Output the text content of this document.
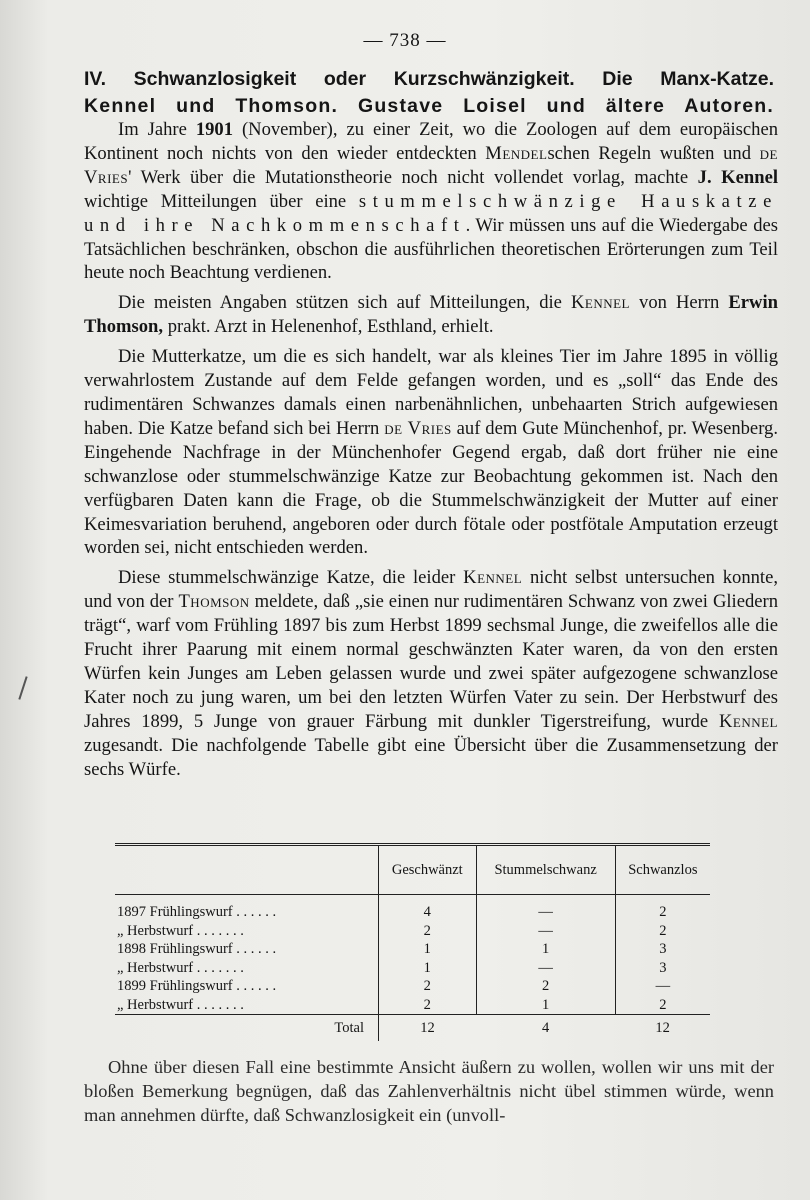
— 738 —
IV. Schwanzlosigkeit oder Kurzschwänzigkeit. Die Manx-Katze.
Kennel und Thomson. Gustave Loisel und ältere Autoren.

Im Jahre 1901 (November), zu einer Zeit, wo die Zoologen auf dem europäischen Kontinent noch nichts von den wieder entdeckten Mendelschen Regeln wußten und de Vries' Werk über die Mutationstheorie noch nicht vollendet vorlag, machte J. Kennel wichtige Mitteilungen über eine stummelschwänzige Hauskatze und ihre Nachkommenschaft. Wir müssen uns auf die Wiedergabe des Tatsächlichen beschränken, obschon die ausführlichen theoretischen Erörterungen zum Teil heute noch Beachtung verdienen.

Die meisten Angaben stützen sich auf Mitteilungen, die Kennel von Herrn Erwin Thomson, prakt. Arzt in Helenenhof, Esthland, erhielt.

Die Mutterkatze, um die es sich handelt, war als kleines Tier im Jahre 1895 in völlig verwahrlostem Zustande auf dem Felde gefangen worden, und es „soll“ das Ende des rudimentären Schwanzes damals einen narbenähnlichen, unbehaarten Strich aufgewiesen haben. Die Katze befand sich bei Herrn de Vries auf dem Gute Münchenhof, pr. Wesenberg. Eingehende Nachfrage in der Münchenhofer Gegend ergab, daß dort früher nie eine schwanzlose oder stummelschwänzige Katze zur Beobachtung gekommen ist. Nach den verfügbaren Daten kann die Frage, ob die Stummelschwänzigkeit der Mutter auf einer Keimesvariation beruhend, angeboren oder durch fötale oder postfötale Amputation erzeugt worden sei, nicht entschieden werden.

Diese stummelschwänzige Katze, die leider Kennel nicht selbst untersuchen konnte, und von der Thomson meldete, daß „sie einen nur rudimentären Schwanz von zwei Gliedern trägt“, warf vom Frühling 1897 bis zum Herbst 1899 sechsmal Junge, die zweifellos alle die Frucht ihrer Paarung mit einem normal geschwänzten Kater waren, da von den ersten Würfen kein Junges am Leben gelassen wurde und zwei später aufgezogene schwanzlose Kater noch zu jung waren, um bei den letzten Würfen Vater zu sein. Der Herbstwurf des Jahres 1899, 5 Junge von grauer Färbung mit dunkler Tigerstreifung, wurde Kennel zugesandt. Die nachfolgende Tabelle gibt eine Übersicht über die Zusammensetzung der sechs Würfe.

	Geschwänzt	Stummelschwanz	Schwanzlos
1897 Frühlingswurf . . . . . .	4	—	2
„ Herbstwurf . . . . . . .	2	—	2
1898 Frühlingswurf . . . . . .	1	1	3
„ Herbstwurf . . . . . . .	1	—	3
1899 Frühlingswurf . . . . . .	2	2	—
„ Herbstwurf . . . . . . .	2	1	2
Total	12	4	12

Ohne über diesen Fall eine bestimmte Ansicht äußern zu wollen, wollen wir uns mit der bloßen Bemerkung begnügen, daß das Zahlenverhältnis nicht übel stimmen würde, wenn man annehmen dürfte, daß Schwanzlosigkeit ein (unvoll-
